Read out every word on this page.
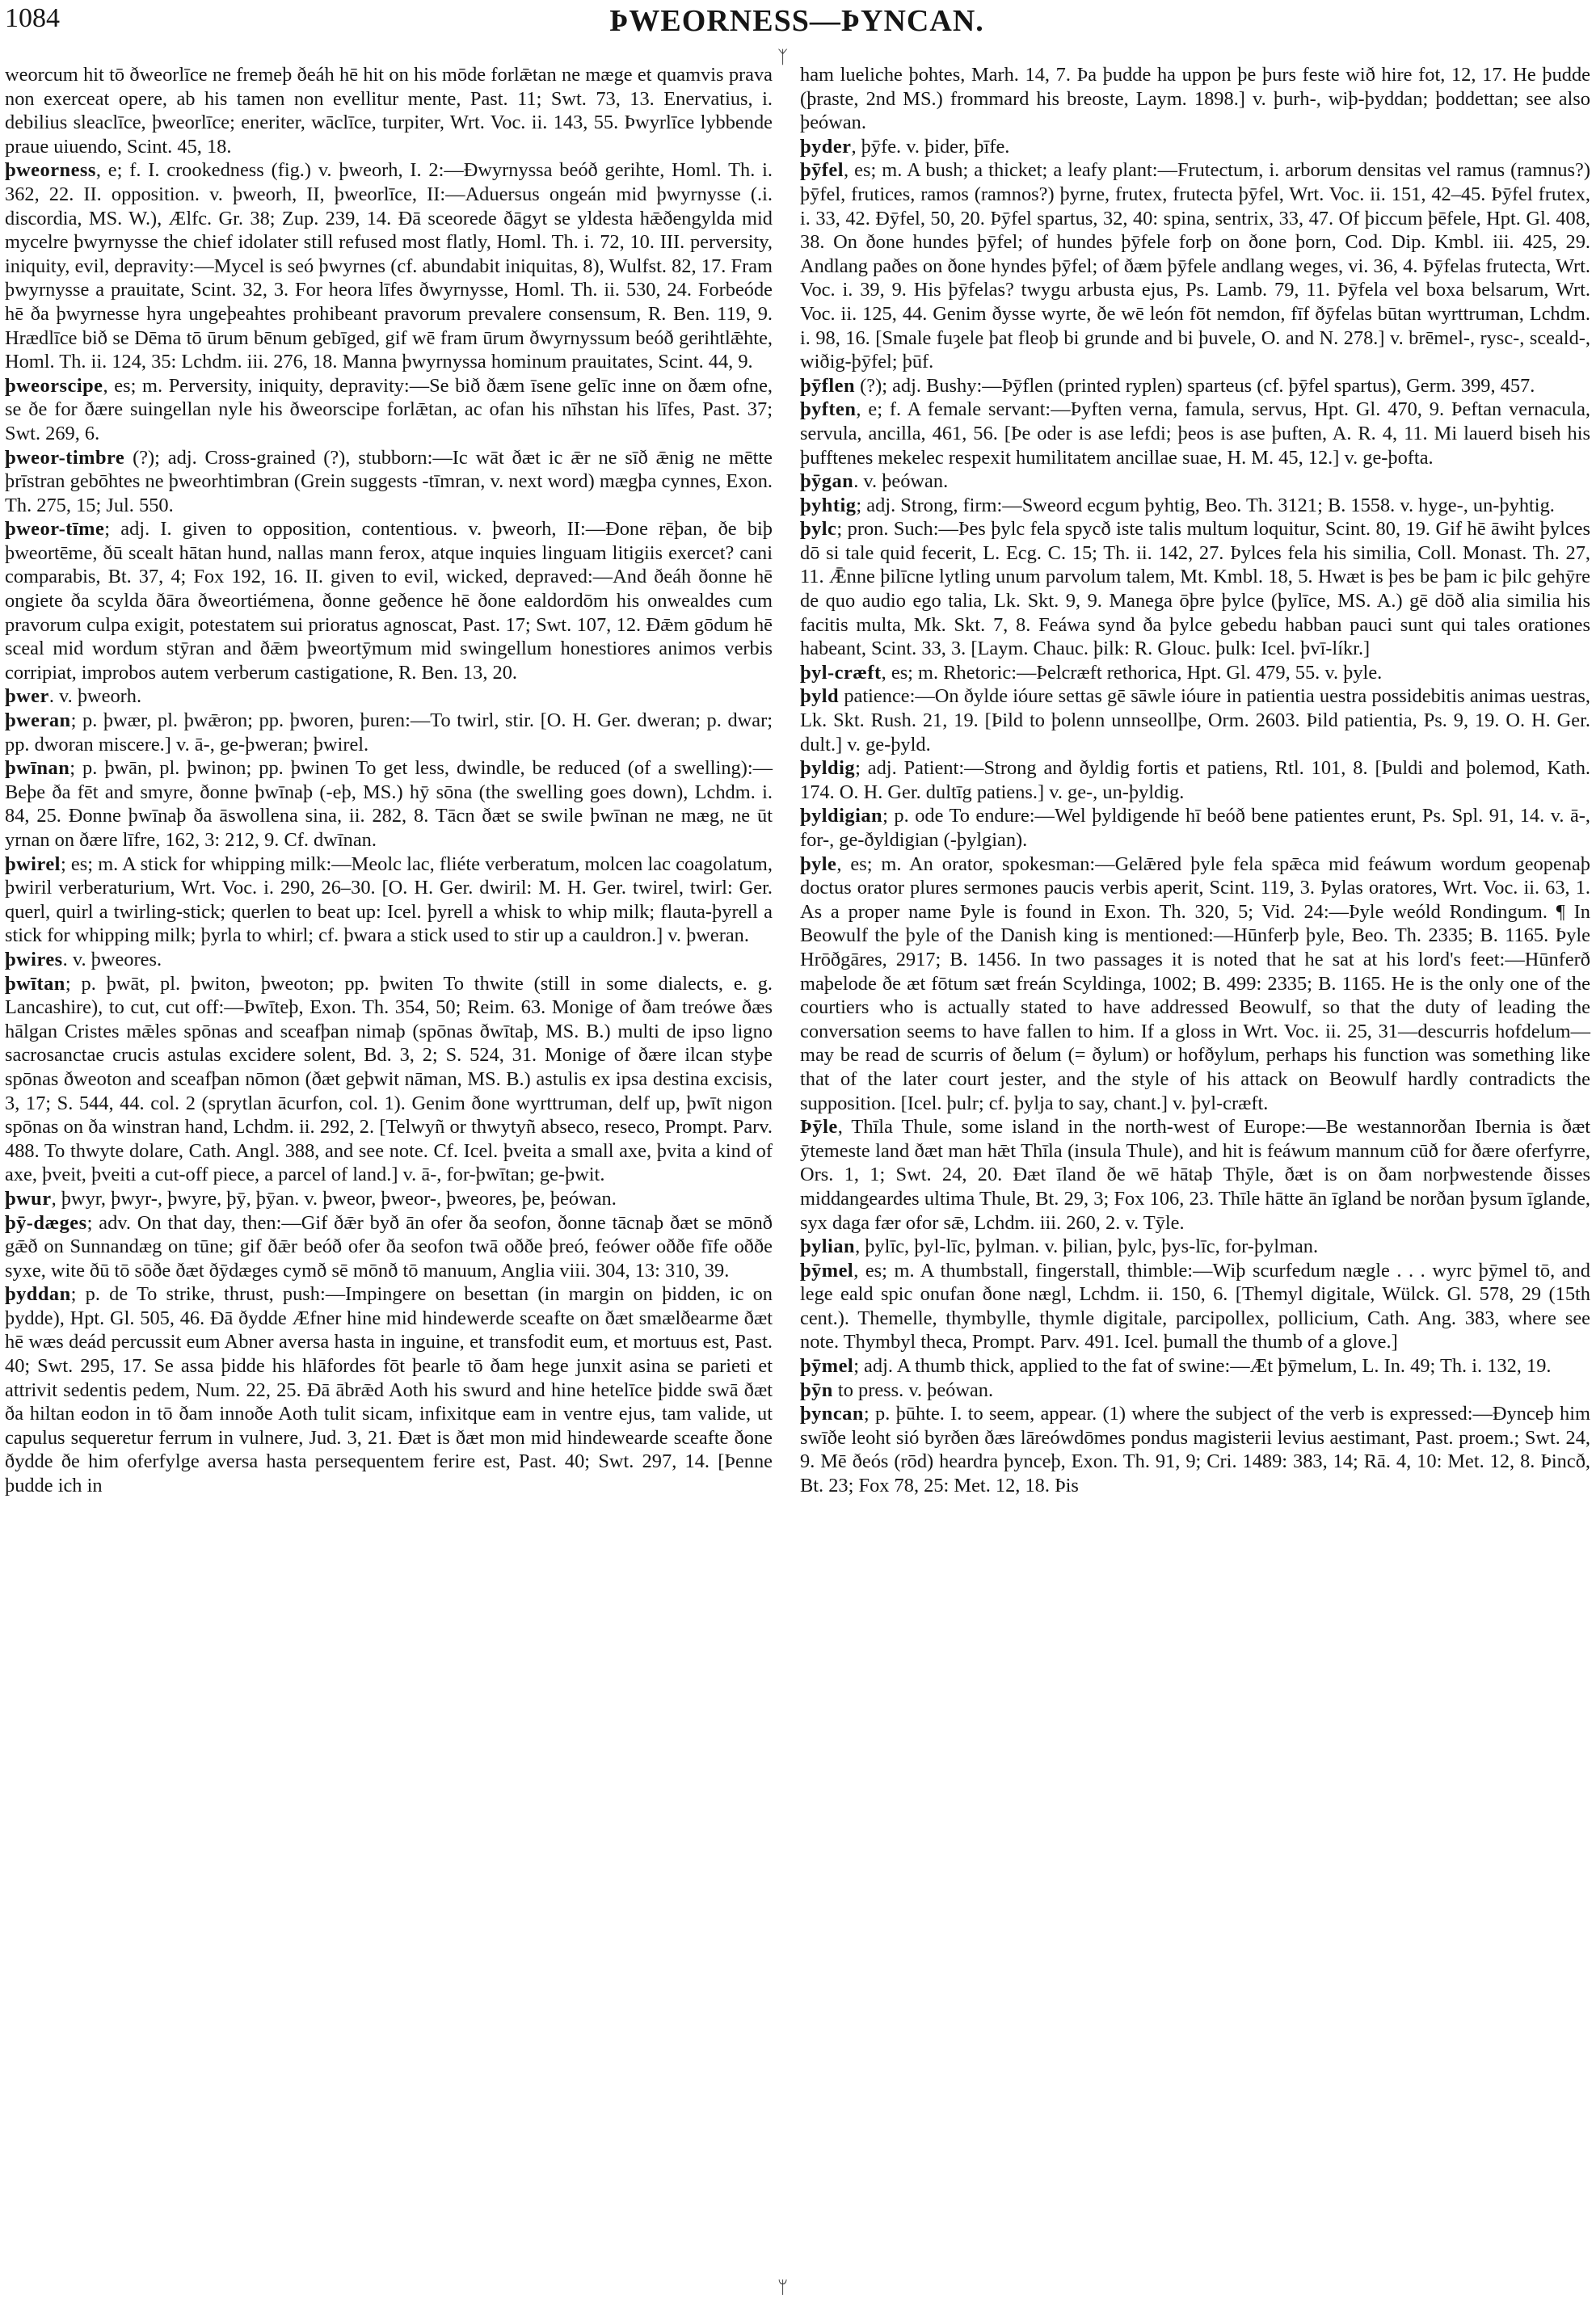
1084	ÞWEORNESS—ÞYNCAN.

weorcum hit tō ðweorlīce ne fremeþ ðeáh hē hit on his mōde forlǣtan ne mæge et quamvis prava non exerceat opere, ab his tamen non evellitur mente, Past. 11; Swt. 73, 13. Enervatius, i. debilius sleaclīce, þweorlīce; eneriter, wāclīce, turpiter, Wrt. Voc. ii. 143, 55. Þwyrlīce lybbende praue uiuendo, Scint. 45, 18.

þweorness, e; f. I. crookedness (fig.) v. þweorh, I. 2:—Ðwyrnyssa beóð gerihte, Homl. Th. i. 362, 22. II. opposition. v. þweorh, II, þweorlīce, II:—Aduersus ongeán mid þwyrnysse (.i. discordia, MS. W.), Ælfc. Gr. 38; Zup. 239, 14. Ðā sceorede ðāgyt se yldesta hǣðengylda mid mycelre þwyrnysse the chief idolater still refused most flatly, Homl. Th. i. 72, 10. III. perversity, iniquity, evil, depravity:—Mycel is seó þwyrnes (cf. abundabit iniquitas, 8), Wulfst. 82, 17. Fram þwyrnysse a prauitate, Scint. 32, 3. For heora līfes ðwyrnysse, Homl. Th. ii. 530, 24. Forbeóde hē ða þwyrnesse hyra ungeþeahtes prohibeant pravorum prevalere consensum, R. Ben. 119, 9. Hrædlīce bið se Dēma tō ūrum bēnum gebīged, gif wē fram ūrum ðwyrnyssum beóð gerihtlǣhte, Homl. Th. ii. 124, 35: Lchdm. iii. 276, 18. Manna þwyrnyssa hominum prauitates, Scint. 44, 9.

þweorscipe, es; m. Perversity, iniquity, depravity:—Se bið ðæm īsene gelīc inne on ðæm ofne, se ðe for ðære suingellan nyle his ðweorscipe forlǣtan, ac ofan his nīhstan his līfes, Past. 37; Swt. 269, 6.

þweor-timbre (?); adj. Cross-grained (?), stubborn:—Ic wāt ðæt ic ǣr ne sīð ǣnig ne mētte þrīstran gebōhtes ne þweorhtimbran (Grein suggests -tīmran, v. next word) mægþa cynnes, Exon. Th. 275, 15; Jul. 550.

þweor-tīme; adj. I. given to opposition, contentious. v. þweorh, II:—Ðone rēþan, ðe biþ þweortēme, ðū scealt hātan hund, nallas mann ferox, atque inquies linguam litigiis exercet? cani comparabis, Bt. 37, 4; Fox 192, 16. II. given to evil, wicked, depraved:—And ðeáh ðonne hē ongiete ða scylda ðāra ðweortiémena, ðonne geðence hē ðone ealdordōm his onwealdes cum pravorum culpa exigit, potestatem sui prioratus agnoscat, Past. 17; Swt. 107, 12. Ðǣm gōdum hē sceal mid wordum stȳran and ðǣm þweortȳmum mid swingellum honestiores animos verbis corripiat, improbos autem verberum castigatione, R. Ben. 13, 20.

þwer. v. þweorh.

þweran; p. þwær, pl. þwǣron; pp. þworen, þuren:—To twirl, stir. [O. H. Ger. dweran; p. dwar; pp. dworan miscere.] v. ā-, ge-þweran; þwirel.

þwīnan; p. þwān, pl. þwinon; pp. þwinen To get less, dwindle, be reduced (of a swelling):—Beþe ða fēt and smyre, ðonne þwīnaþ (-eþ, MS.) hȳ sōna (the swelling goes down), Lchdm. i. 84, 25. Ðonne þwīnaþ ða āswollena sina, ii. 282, 8. Tācn ðæt se swile þwīnan ne mæg, ne ūt yrnan on ðære līfre, 162, 3: 212, 9. Cf. dwīnan.

þwirel; es; m. A stick for whipping milk:—Meolc lac, fliéte verberatum, molcen lac coagolatum, þwiril verberaturium, Wrt. Voc. i. 290, 26–30. [O. H. Ger. dwiril: M. H. Ger. twirel, twirl: Ger. querl, quirl a twirling-stick; querlen to beat up: Icel. þyrell a whisk to whip milk; flauta-þyrell a stick for whipping milk; þyrla to whirl; cf. þwara a stick used to stir up a cauldron.] v. þweran.

þwires. v. þweores.

þwītan; p. þwāt, pl. þwiton, þweoton; pp. þwiten To thwite (still in some dialects, e. g. Lancashire), to cut, cut off:—Þwīteþ, Exon. Th. 354, 50; Reim. 63. Monige of ðam treówe ðæs hālgan Cristes mǣles spōnas and sceafþan nimaþ (spōnas ðwītaþ, MS. B.) multi de ipso ligno sacrosanctae crucis astulas excidere solent, Bd. 3, 2; S. 524, 31. Monige of ðære ilcan styþe spōnas ðweoton and sceafþan nōmon (ðæt geþwit nāman, MS. B.) astulis ex ipsa destina excisis, 3, 17; S. 544, 44. col. 2 (sprytlan ācurfon, col. 1). Genim ðone wyrttruman, delf up, þwīt nigon spōnas on ða winstran hand, Lchdm. ii. 292, 2. [Telwyñ or thwytyñ abseco, reseco, Prompt. Parv. 488. To thwyte dolare, Cath. Angl. 388, and see note. Cf. Icel. þveita a small axe, þvita a kind of axe, þveit, þveiti a cut-off piece, a parcel of land.] v. ā-, for-þwītan; ge-þwit.

þwur, þwyr, þwyr-, þwyre, þȳ, þȳan. v. þweor, þweor-, þweores, þe, þeówan.

þȳ-dæges; adv. On that day, then:—Gif ðǣr byð ān ofer ða seofon, ðonne tācnaþ ðæt se mōnð gǣð on Sunnandæg on tūne; gif ðǣr beóð ofer ða seofon twā oððe þreó, feówer oððe fīfe oððe syxe, wite ðū tō sōðe ðæt ðȳdæges cymð sē mōnð tō manuum, Anglia viii. 304, 13: 310, 39.

þyddan; p. de To strike, thrust, push:—Impingere on besettan (in margin on þidden, ic on þydde), Hpt. Gl. 505, 46. Ðā ðydde Æfner hine mid hindewerde sceafte on ðæt smælðearme ðæt hē wæs deád percussit eum Abner aversa hasta in inguine, et transfodit eum, et mortuus est, Past. 40; Swt. 295, 17. Se assa þidde his hlāfordes fōt þearle tō ðam hege junxit asina se parieti et attrivit sedentis pedem, Num. 22, 25. Ðā ābrǣd Aoth his swurd and hine hetelīce þidde swā ðæt ða hiltan eodon in tō ðam innoðe Aoth tulit sicam, infixitque eam in ventre ejus, tam valide, ut capulus sequeretur ferrum in vulnere, Jud. 3, 21. Ðæt is ðæt mon mid hindewearde sceafte ðone ðydde ðe him oferfylge aversa hasta persequentem ferire est, Past. 40; Swt. 297, 14. [Þenne þudde ich in

ᛉ
ᛘ

ham lueliche þohtes, Marh. 14, 7. Þa þudde ha uppon þe þurs feste wið hire fot, 12, 17. He þudde (þraste, 2nd MS.) frommard his breoste, Laym. 1898.] v. þurh-, wiþ-þyddan; þoddettan; see also þeówan.

þyder, þȳfe. v. þider, þīfe.

þȳfel, es; m. A bush; a thicket; a leafy plant:—Frutectum, i. arborum densitas vel ramus (ramnus?) þȳfel, frutices, ramos (ramnos?) þyrne, frutex, frutecta þȳfel, Wrt. Voc. ii. 151, 42–45. Þȳfel frutex, i. 33, 42. Ðȳfel, 50, 20. Þȳfel spartus, 32, 40: spina, sentrix, 33, 47. Of þiccum þēfele, Hpt. Gl. 408, 38. On ðone hundes þȳfel; of hundes þȳfele forþ on ðone þorn, Cod. Dip. Kmbl. iii. 425, 29. Andlang paðes on ðone hyndes þȳfel; of ðæm þȳfele andlang weges, vi. 36, 4. Þȳfelas frutecta, Wrt. Voc. i. 39, 9. His þȳfelas? twygu arbusta ejus, Ps. Lamb. 79, 11. Þȳfela vel boxa belsarum, Wrt. Voc. ii. 125, 44. Genim ðysse wyrte, ðe wē león fōt nemdon, fīf ðȳfelas būtan wyrttruman, Lchdm. i. 98, 16. [Smale fuȝele þat fleoþ bi grunde and bi þuvele, O. and N. 278.] v. brēmel-, rysc-, sceald-, wiðig-þȳfel; þūf.

þȳflen (?); adj. Bushy:—Þȳflen (printed ryplen) sparteus (cf. þȳfel spartus), Germ. 399, 457.

þyften, e; f. A female servant:—Þyften verna, famula, servus, Hpt. Gl. 470, 9. Þeftan vernacula, servula, ancilla, 461, 56. [Þe oder is ase lefdi; þeos is ase þuften, A. R. 4, 11. Mi lauerd biseh his þufftenes mekelec respexit humilitatem ancillae suae, H. M. 45, 12.] v. ge-þofta.

þȳgan. v. þeówan.

þyhtig; adj. Strong, firm:—Sweord ecgum þyhtig, Beo. Th. 3121; B. 1558. v. hyge-, un-þyhtig.

þylc; pron. Such:—Þes þylc fela spycð iste talis multum loquitur, Scint. 80, 19. Gif hē āwiht þylces dō si tale quid fecerit, L. Ecg. C. 15; Th. ii. 142, 27. Þylces fela his similia, Coll. Monast. Th. 27, 11. Ǣnne þilīcne lytling unum parvolum talem, Mt. Kmbl. 18, 5. Hwæt is þes be þam ic þilc gehȳre de quo audio ego talia, Lk. Skt. 9, 9. Manega ōþre þylce (þylīce, MS. A.) gē dōð alia similia his facitis multa, Mk. Skt. 7, 8. Feáwa synd ða þylce gebedu habban pauci sunt qui tales orationes habeant, Scint. 33, 3. [Laym. Chauc. þilk: R. Glouc. þulk: Icel. þvī-líkr.]

þyl-cræft, es; m. Rhetoric:—Þelcræft rethorica, Hpt. Gl. 479, 55. v. þyle.

þyld patience:—On ðylde ióure settas gē sāwle ióure in patientia uestra possidebitis animas uestras, Lk. Skt. Rush. 21, 19. [Þild to þolenn unnseollþe, Orm. 2603. Þild patientia, Ps. 9, 19. O. H. Ger. dult.] v. ge-þyld.

þyldig; adj. Patient:—Strong and ðyldig fortis et patiens, Rtl. 101, 8. [Þuldi and þolemod, Kath. 174. O. H. Ger. dultīg patiens.] v. ge-, un-þyldig.

þyldigian; p. ode To endure:—Wel þyldigende hī beóð bene patientes erunt, Ps. Spl. 91, 14. v. ā-, for-, ge-ðyldigian (-þylgian).

þyle, es; m. An orator, spokesman:—Gelǣred þyle fela spǣca mid feáwum wordum geopenaþ doctus orator plures sermones paucis verbis aperit, Scint. 119, 3. Þylas oratores, Wrt. Voc. ii. 63, 1. As a proper name Þyle is found in Exon. Th. 320, 5; Vid. 24:—Þyle weóld Rondingum. ¶ In Beowulf the þyle of the Danish king is mentioned:—Hūnferþ þyle, Beo. Th. 2335; B. 1165. Þyle Hrōðgāres, 2917; B. 1456. In two passages it is noted that he sat at his lord's feet:—Hūnferð maþelode ðe æt fōtum sæt freán Scyldinga, 1002; B. 499: 2335; B. 1165. He is the only one of the courtiers who is actually stated to have addressed Beowulf, so that the duty of leading the conversation seems to have fallen to him. If a gloss in Wrt. Voc. ii. 25, 31—descurris hofdelum—may be read de scurris of ðelum (= ðylum) or hofðylum, perhaps his function was something like that of the later court jester, and the style of his attack on Beowulf hardly contradicts the supposition. [Icel. þulr; cf. þylja to say, chant.] v. þyl-cræft.

Þȳle, Thīla Thule, some island in the north-west of Europe:—Be westannorðan Ibernia is ðæt ȳtemeste land ðæt man hǣt Thīla (insula Thule), and hit is feáwum mannum cūð for ðære oferfyrre, Ors. 1, 1; Swt. 24, 20. Ðæt īland ðe wē hātaþ Thȳle, ðæt is on ðam norþwestende ðisses middangeardes ultima Thule, Bt. 29, 3; Fox 106, 23. Thīle hātte ān īgland be norðan þysum īglande, syx daga fær ofor sǣ, Lchdm. iii. 260, 2. v. Tȳle.

þylian, þylīc, þyl-līc, þylman. v. þilian, þylc, þys-līc, for-þylman.

þȳmel, es; m. A thumbstall, fingerstall, thimble:—Wiþ scurfedum nægle . . . wyrc þȳmel tō, and lege eald spic onufan ðone nægl, Lchdm. ii. 150, 6. [Themyl digitale, Wülck. Gl. 578, 29 (15th cent.). Themelle, thymbylle, thymle digitale, parcipollex, pollicium, Cath. Ang. 383, where see note. Thymbyl theca, Prompt. Parv. 491. Icel. þumall the thumb of a glove.]

þȳmel; adj. A thumb thick, applied to the fat of swine:—Æt þȳmelum, L. In. 49; Th. i. 132, 19.

þȳn to press. v. þeówan.

þyncan; p. þūhte. I. to seem, appear. (1) where the subject of the verb is expressed:—Ðynceþ him swīðe leoht sió byrðen ðæs lāreówdōmes pondus magisterii levius aestimant, Past. proem.; Swt. 24, 9. Mē ðeós (rōd) heardra þynceþ, Exon. Th. 91, 9; Cri. 1489: 383, 14; Rā. 4, 10: Met. 12, 8. Þincð, Bt. 23; Fox 78, 25: Met. 12, 18. Þis
